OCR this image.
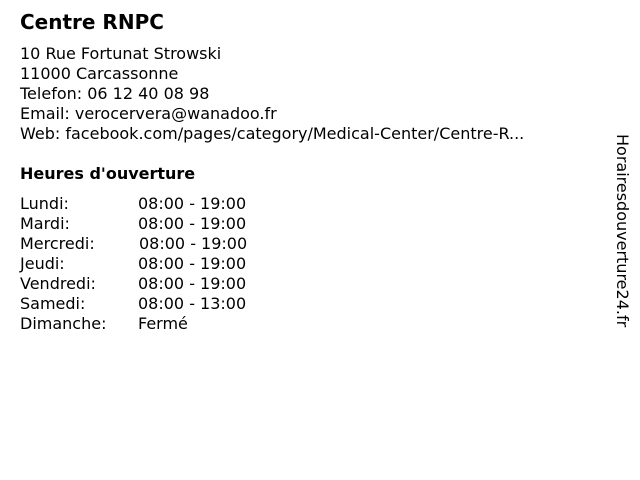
Centre RNPC
10 Rue Fortunat Strowski
11000 Carcassonne
Telefon: 06 12 40 08 98
Email: verocervera@wanadoo.fr
Web: facebook.com/pages/category/Medical-Center/Centre-R...
Heures d'ouverture
Lundi:	08:00 - 19:00
Mardi:	08:00 - 19:00
Mercredi:	08:00 - 19:00
Jeudi:	08:00 - 19:00
Vendredi:	08:00 - 19:00
Samedi:	08:00 - 13:00
Dimanche: Fermé	Horairesdouverture24.fr
